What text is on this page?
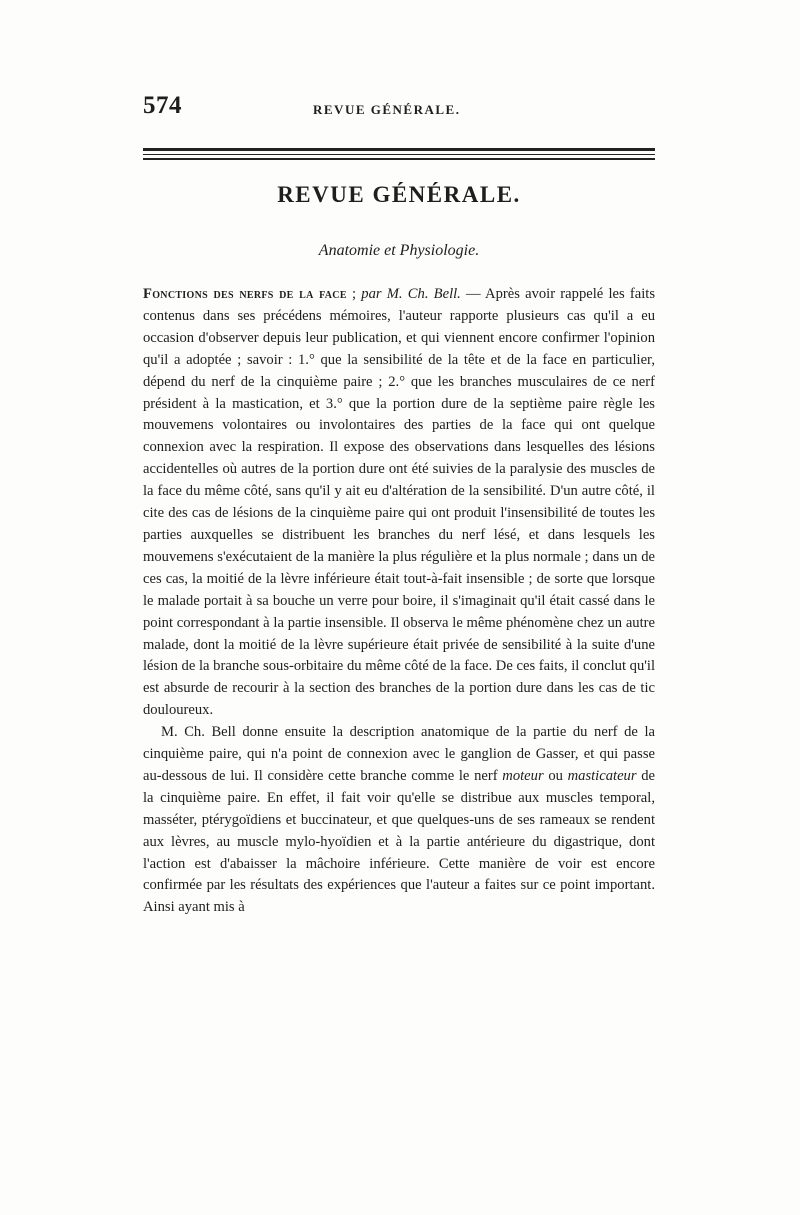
574	REVUE GÉNÉRALE.
REVUE GÉNÉRALE.
Anatomie et Physiologie.

Fonctions des nerfs de la face ; par M. Ch. Bell. — Après avoir rappelé les faits contenus dans ses précédens mémoires, l'auteur rapporte plusieurs cas qu'il a eu occasion d'observer depuis leur publication, et qui viennent encore confirmer l'opinion qu'il a adoptée ; savoir : 1.° que la sensibilité de la tête et de la face en particulier, dépend du nerf de la cinquième paire ; 2.° que les branches musculaires de ce nerf président à la mastication, et 3.° que la portion dure de la septième paire règle les mouvemens volontaires ou involontaires des parties de la face qui ont quelque connexion avec la respiration. Il expose des observations dans lesquelles des lésions accidentelles où autres de la portion dure ont été suivies de la paralysie des muscles de la face du même côté, sans qu'il y ait eu d'altération de la sensibilité. D'un autre côté, il cite des cas de lésions de la cinquième paire qui ont produit l'insensibilité de toutes les parties auxquelles se distribuent les branches du nerf lésé, et dans lesquels les mouvemens s'exécutaient de la manière la plus régulière et la plus normale ; dans un de ces cas, la moitié de la lèvre inférieure était tout-à-fait insensible ; de sorte que lorsque le malade portait à sa bouche un verre pour boire, il s'imaginait qu'il était cassé dans le point correspondant à la partie insensible. Il observa le même phénomène chez un autre malade, dont la moitié de la lèvre supérieure était privée de sensibilité à la suite d'une lésion de la branche sous-orbitaire du même côté de la face. De ces faits, il conclut qu'il est absurde de recourir à la section des branches de la portion dure dans les cas de tic douloureux.

M. Ch. Bell donne ensuite la description anatomique de la partie du nerf de la cinquième paire, qui n'a point de connexion avec le ganglion de Gasser, et qui passe au-dessous de lui. Il considère cette branche comme le nerf moteur ou masticateur de la cinquième paire. En effet, il fait voir qu'elle se distribue aux muscles temporal, masséter, ptérygoïdiens et buccinateur, et que quelques-uns de ses rameaux se rendent aux lèvres, au muscle mylo-hyoïdien et à la partie antérieure du digastrique, dont l'action est d'abaisser la mâchoire inférieure. Cette manière de voir est encore confirmée par les résultats des expériences que l'auteur a faites sur ce point important. Ainsi ayant mis à
